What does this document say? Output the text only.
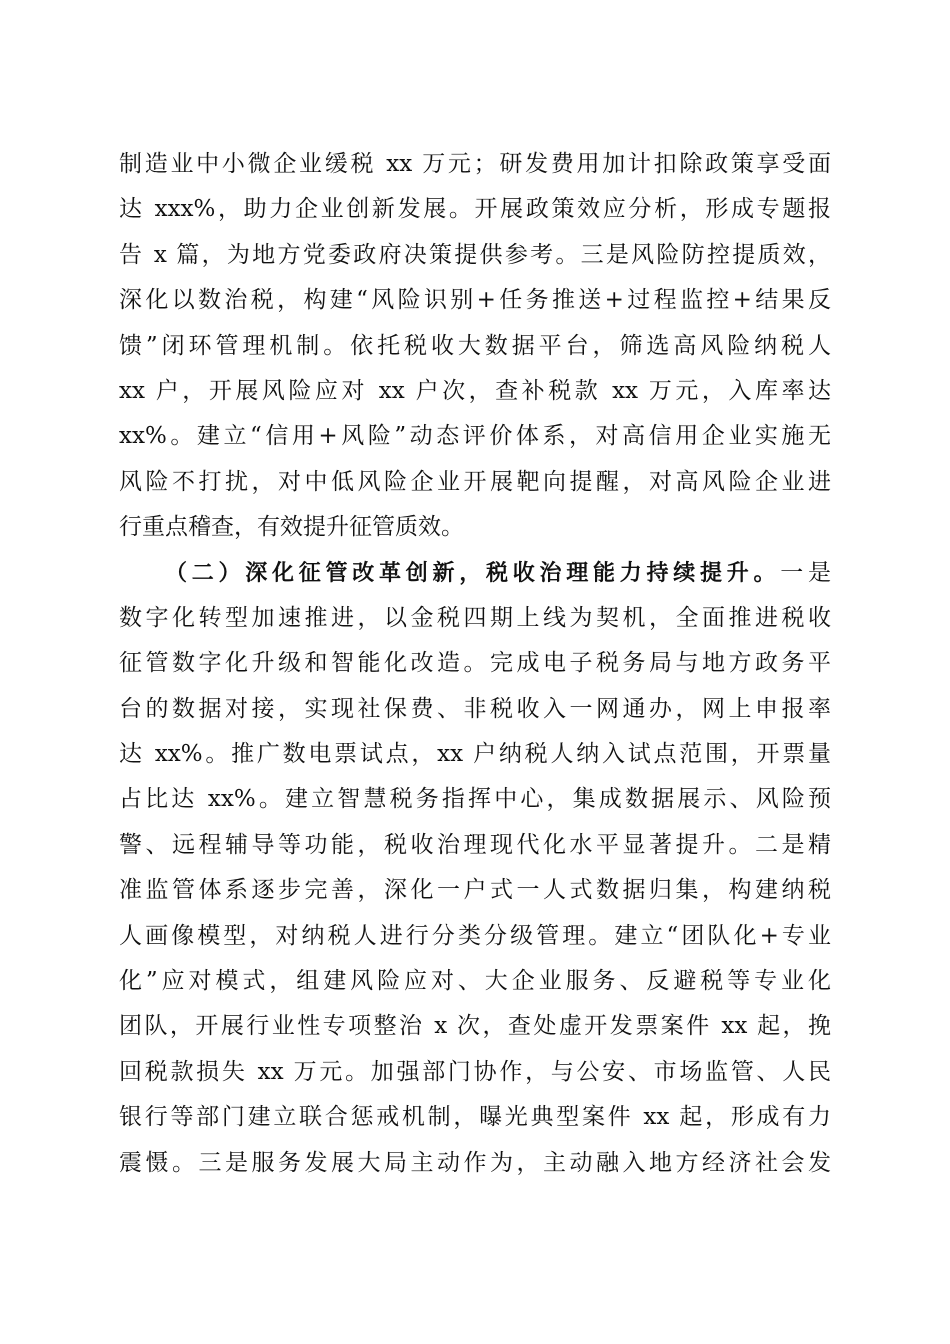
制造业中小微企业缓税 xx 万元；研发费用加计扣除政策享受面
达 xxx%，助力企业创新发展。开展政策效应分析，形成专题报
告 x 篇，为地方党委政府决策提供参考。三是风险防控提质效，
深化以数治税，构建“风险识别+任务推送+过程监控+结果反
馈”闭环管理机制。依托税收大数据平台，筛选高风险纳税人
xx 户，开展风险应对 xx 户次，查补税款 xx 万元，入库率达
xx%。建立“信用+风险”动态评价体系，对高信用企业实施无
风险不打扰，对中低风险企业开展靶向提醒，对高风险企业进
行重点稽查，有效提升征管质效。
（二）深化征管改革创新，税收治理能力持续提升。一是
数字化转型加速推进，以金税四期上线为契机，全面推进税收
征管数字化升级和智能化改造。完成电子税务局与地方政务平
台的数据对接，实现社保费、非税收入一网通办，网上申报率
达 xx%。推广数电票试点，xx 户纳税人纳入试点范围，开票量
占比达 xx%。建立智慧税务指挥中心，集成数据展示、风险预
警、远程辅导等功能，税收治理现代化水平显著提升。二是精
准监管体系逐步完善，深化一户式一人式数据归集，构建纳税
人画像模型，对纳税人进行分类分级管理。建立“团队化+专业
化”应对模式，组建风险应对、大企业服务、反避税等专业化
团队，开展行业性专项整治 x 次，查处虚开发票案件 xx 起，挽
回税款损失 xx 万元。加强部门协作，与公安、市场监管、人民
银行等部门建立联合惩戒机制，曝光典型案件 xx 起，形成有力
震慑。三是服务发展大局主动作为，主动融入地方经济社会发
